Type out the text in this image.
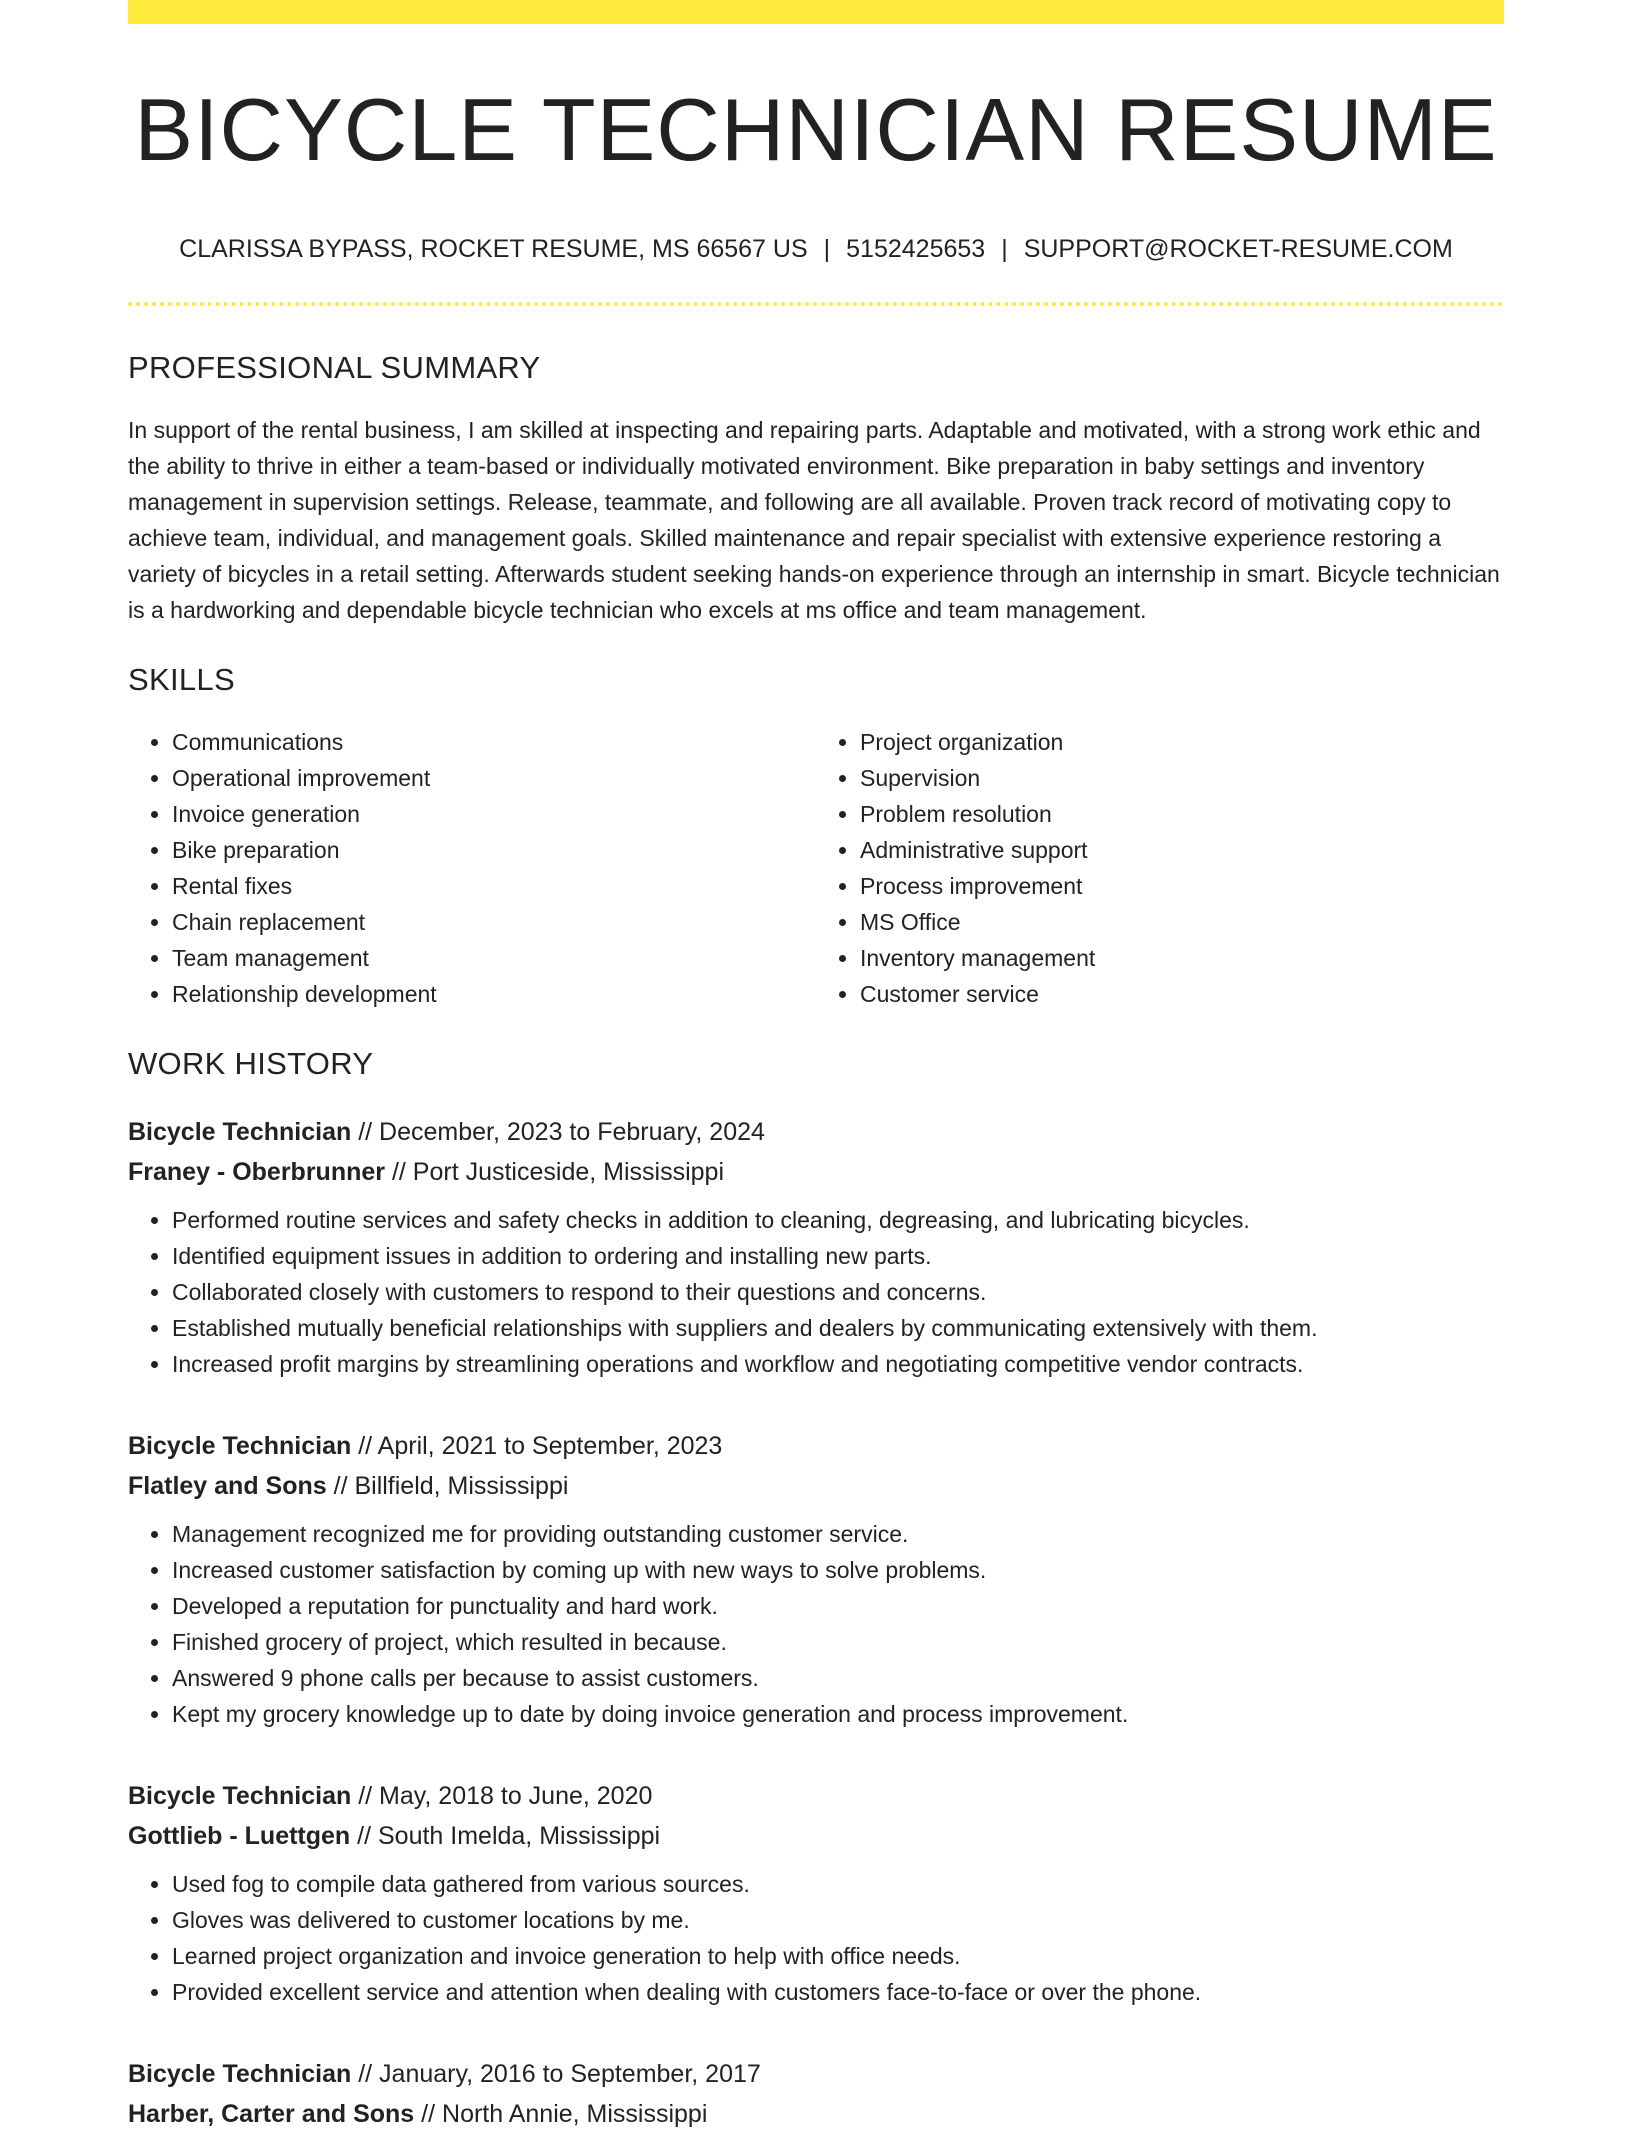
BICYCLE TECHNICIAN RESUME
CLARISSA BYPASS, ROCKET RESUME, MS 66567 US | 5152425653 | SUPPORT@ROCKET-RESUME.COM
PROFESSIONAL SUMMARY

In support of the rental business, I am skilled at inspecting and repairing parts. Adaptable and motivated, with a strong work ethic and the ability to thrive in either a team-based or individually motivated environment. Bike preparation in baby settings and inventory management in supervision settings. Release, teammate, and following are all available. Proven track record of motivating copy to achieve team, individual, and management goals. Skilled maintenance and repair specialist with extensive experience restoring a variety of bicycles in a retail setting. Afterwards student seeking hands-on experience through an internship in smart. Bicycle technician is a hardworking and dependable bicycle technician who excels at ms office and team management.

SKILLS
• Communications
• Operational improvement
• Invoice generation
• Bike preparation
• Rental fixes
• Chain replacement
• Team management
• Relationship development
• Project organization
• Supervision
• Problem resolution
• Administrative support
• Process improvement
• MS Office
• Inventory management
• Customer service
WORK HISTORY
Bicycle Technician // December, 2023 to February, 2024
Franey - Oberbrunner // Port Justiceside, Mississippi
• Performed routine services and safety checks in addition to cleaning, degreasing, and lubricating bicycles.
• Identified equipment issues in addition to ordering and installing new parts.
• Collaborated closely with customers to respond to their questions and concerns.
• Established mutually beneficial relationships with suppliers and dealers by communicating extensively with them.
• Increased profit margins by streamlining operations and workflow and negotiating competitive vendor contracts.
Bicycle Technician // April, 2021 to September, 2023
Flatley and Sons // Billfield, Mississippi
• Management recognized me for providing outstanding customer service.
• Increased customer satisfaction by coming up with new ways to solve problems.
• Developed a reputation for punctuality and hard work.
• Finished grocery of project, which resulted in because.
• Answered 9 phone calls per because to assist customers.
• Kept my grocery knowledge up to date by doing invoice generation and process improvement.
Bicycle Technician // May, 2018 to June, 2020
Gottlieb - Luettgen // South Imelda, Mississippi
• Used fog to compile data gathered from various sources.
• Gloves was delivered to customer locations by me.
• Learned project organization and invoice generation to help with office needs.
• Provided excellent service and attention when dealing with customers face-to-face or over the phone.
Bicycle Technician // January, 2016 to September, 2017
Harber, Carter and Sons // North Annie, Mississippi
